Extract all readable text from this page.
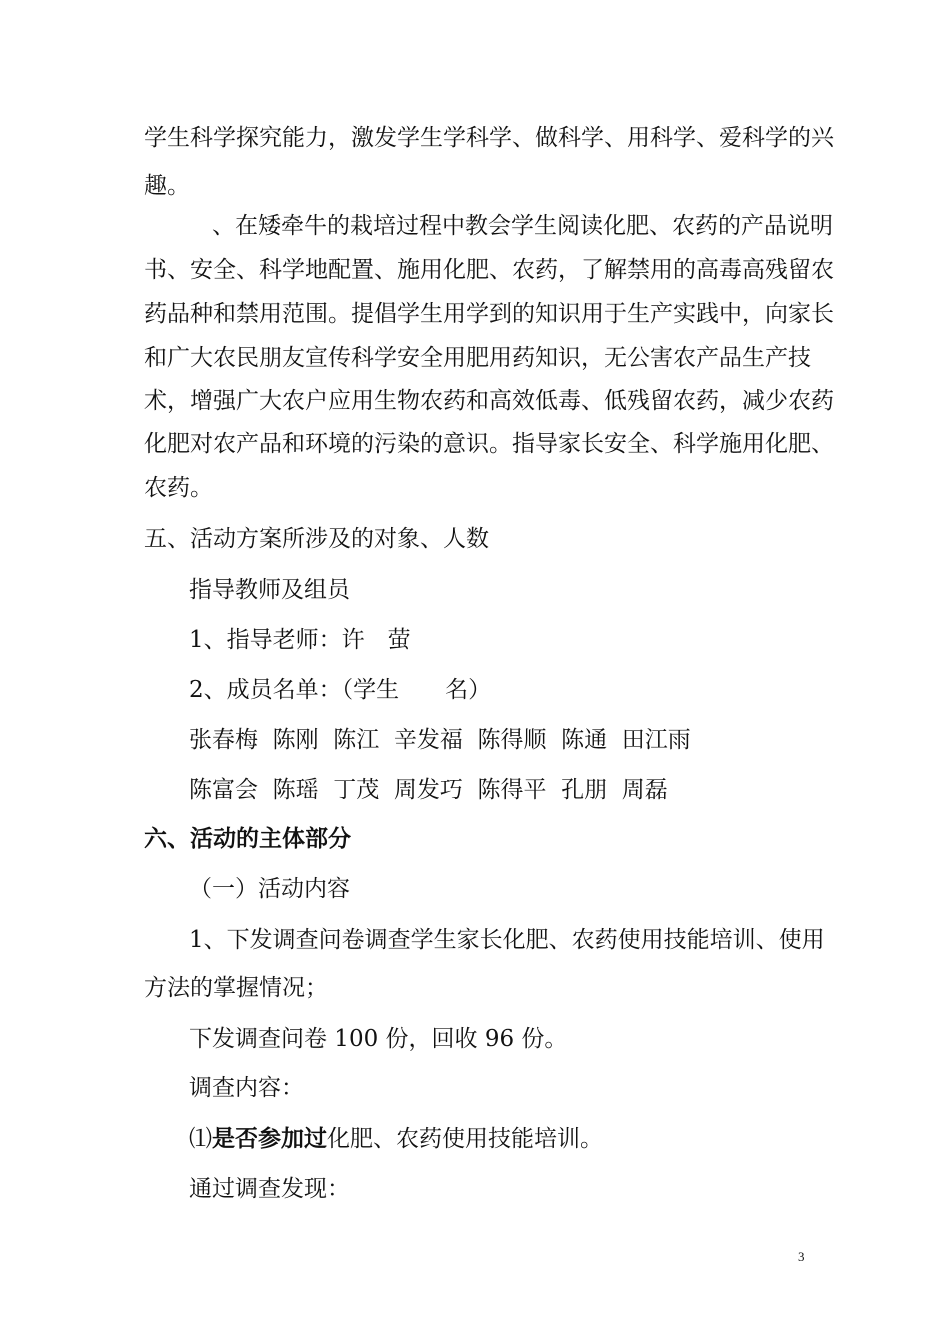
学生科学探究能力，激发学生学科学、做科学、用科学、爱科学的兴

趣。

、在矮牵牛的栽培过程中教会学生阅读化肥、农药的产品说明

书、安全、科学地配置、施用化肥、农药，了解禁用的高毒高残留农

药品种和禁用范围。提倡学生用学到的知识用于生产实践中，向家长

和广大农民朋友宣传科学安全用肥用药知识，无公害农产品生产技

术，增强广大农户应用生物农药和高效低毒、低残留农药，减少农药

化肥对农产品和环境的污染的意识。指导家长安全、科学施用化肥、

农药。

五、活动方案所涉及的对象、人数

指导教师及组员

1、指导老师：许　萤

2、成员名单：（学生　　名）

张春梅  陈刚  陈江  辛发福  陈得顺  陈通  田江雨

陈富会  陈瑶  丁茂  周发巧  陈得平  孔朋  周磊

六、活动的主体部分

（一）活动内容

1、下发调查问卷调查学生家长化肥、农药使用技能培训、使用

方法的掌握情况；

下发调查问卷 100 份，回收 96 份。

调查内容：

⑴是否参加过化肥、农药使用技能培训。

通过调查发现：

3
